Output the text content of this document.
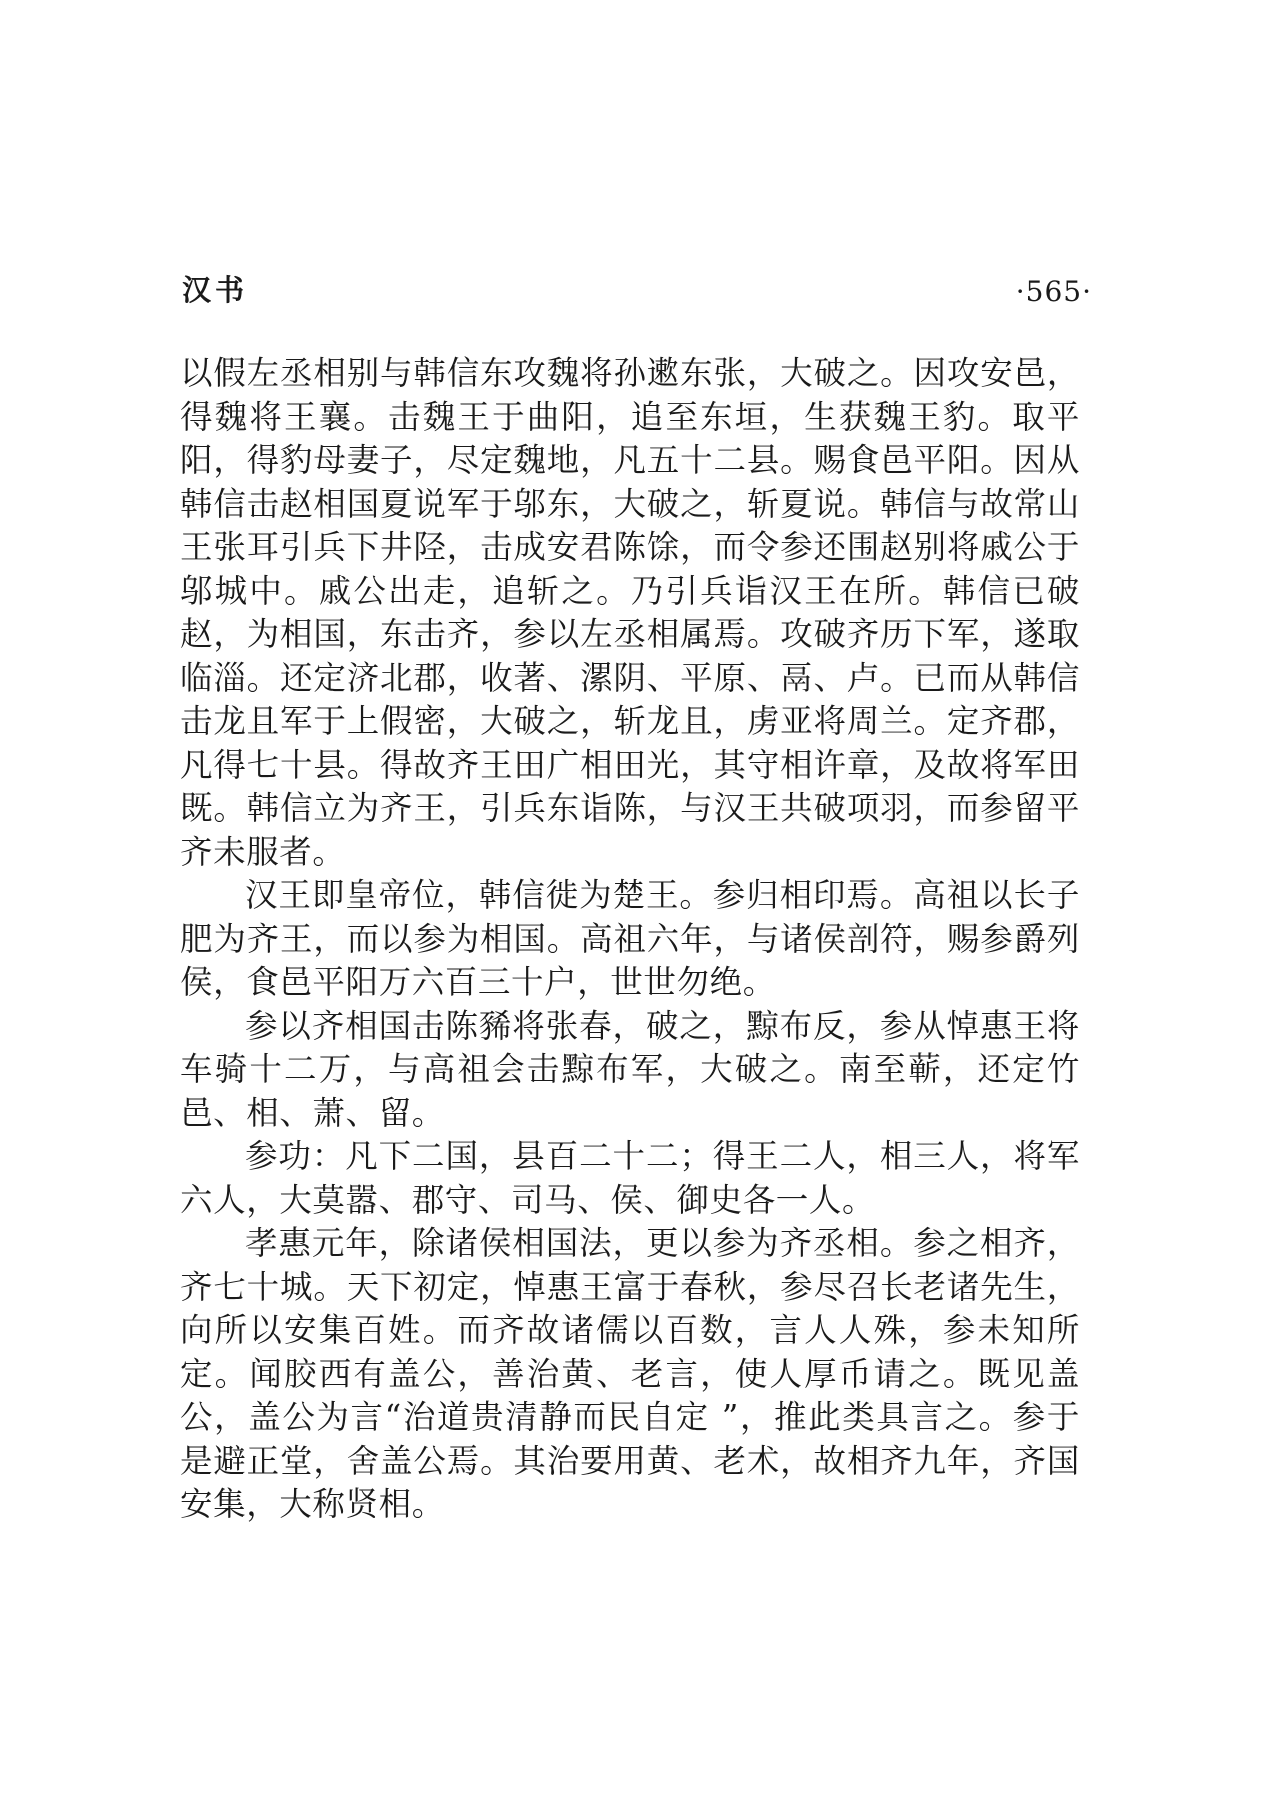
汉书	·565·

以假左丞相别与韩信东攻魏将孙遬东张，大破之。因攻安邑，得魏将王襄。击魏王于曲阳，追至东垣，生获魏王豹。取平阳，得豹母妻子，尽定魏地，凡五十二县。赐食邑平阳。因从韩信击赵相国夏说军于邬东，大破之，斩夏说。韩信与故常山王张耳引兵下井陉，击成安君陈馀，而令参还围赵别将戚公于邬城中。戚公出走，追斩之。乃引兵诣汉王在所。韩信已破赵，为相国，东击齐，参以左丞相属焉。攻破齐历下军，遂取临淄。还定济北郡，收著、漯阴、平原、鬲、卢。已而从韩信击龙且军于上假密，大破之，斩龙且，虏亚将周兰。定齐郡，凡得七十县。得故齐王田广相田光，其守相许章，及故将军田既。韩信立为齐王，引兵东诣陈，与汉王共破项羽，而参留平齐未服者。

汉王即皇帝位，韩信徙为楚王。参归相印焉。高祖以长子肥为齐王，而以参为相国。高祖六年，与诸侯剖符，赐参爵列侯，食邑平阳万六百三十户，世世勿绝。

参以齐相国击陈豨将张春，破之，黥布反，参从悼惠王将车骑十二万，与高祖会击黥布军，大破之。南至蕲，还定竹邑、相、萧、留。

参功：凡下二国，县百二十二；得王二人，相三人，将军六人，大莫嚣、郡守、司马、侯、御史各一人。

孝惠元年，除诸侯相国法，更以参为齐丞相。参之相齐，齐七十城。天下初定，悼惠王富于春秋，参尽召长老诸先生，向所以安集百姓。而齐故诸儒以百数，言人人殊，参未知所定。闻胶西有盖公，善治黄、老言，使人厚币请之。既见盖公，盖公为言“治道贵清静而民自定 ”，推此类具言之。参于是避正堂，舍盖公焉。其治要用黄、老术，故相齐九年，齐国安集，大称贤相。
